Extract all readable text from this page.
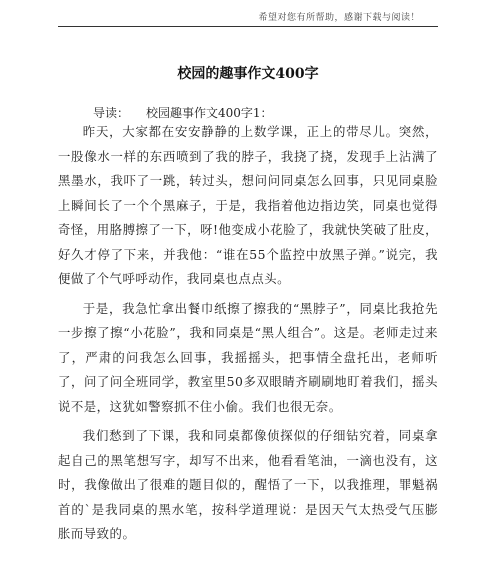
希望对您有所帮助，感谢下载与阅读！
校园的趣事作文400字
导读： 校园趣事作文400字1：

昨天，大家都在安安静静的上数学课，正上的带尽儿。突然，一股像水一样的东西喷到了我的脖子，我挠了挠，发现手上沾满了黑墨水，我吓了一跳，转过头，想问问同桌怎么回事，只见同桌脸上瞬间长了一个个黑麻子，于是，我指着他边指边笑，同桌也觉得奇怪，用胳膊擦了一下，呀!他变成小花脸了，我就快笑破了肚皮，好久才停了下来，并我他：“谁在55个监控中放黑子弹。”说完，我便做了个气呼呼动作，我同桌也点点头。

于是，我急忙拿出餐巾纸擦了擦我的“黑脖子”，同桌比我抢先一步擦了擦“小花脸”，我和同桌是“黑人组合”。这是。老师走过来了，严肃的问我怎么回事，我摇摇头，把事情全盘托出，老师听了，问了问全班同学，教室里50多双眼睛齐刷刷地盯着我们，摇头说不是，这犹如警察抓不住小偷。我们也很无奈。

我们愁到了下课，我和同桌都像侦探似的仔细钻究着，同桌拿起自己的黑笔想写字，却写不出来，他看看笔油，一滴也没有，这时，我像做出了很难的题目似的，醒悟了一下，以我推理，罪魁祸首的`是我同桌的黑水笔，按科学道理说：是因天气太热受气压膨胀而导致的。
